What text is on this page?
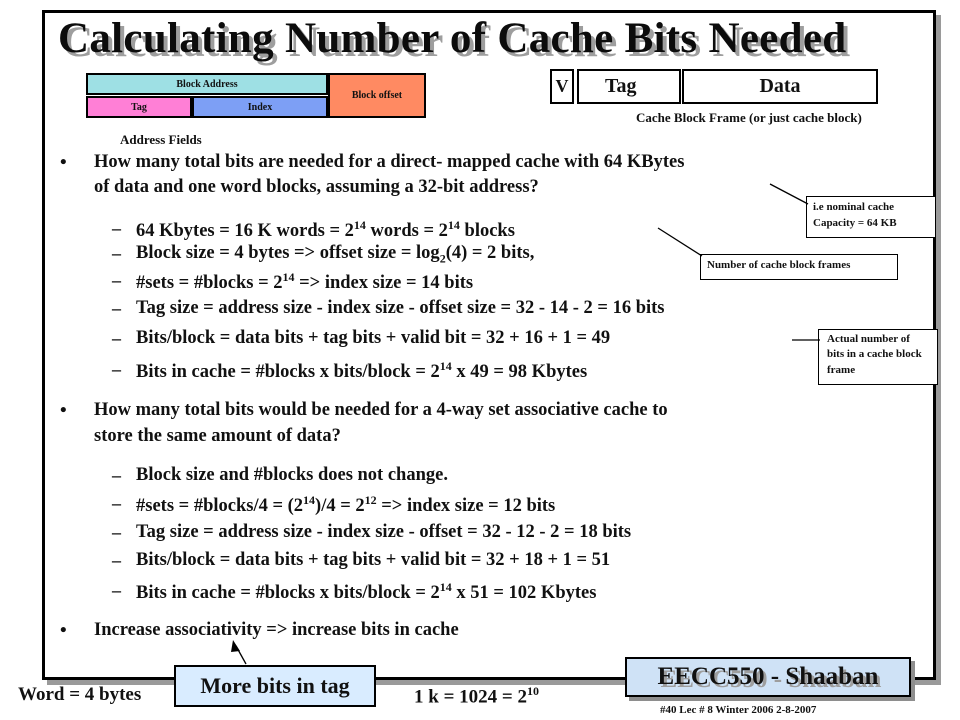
Calculating Number of Cache Bits Needed
Block Address
Tag	Index
Block offset
Address Fields
V	Tag	Data
Cache Block Frame (or just cache block)
• How many total bits are needed for a direct- mapped cache with 64 KBytes
of data and one word blocks, assuming a 32-bit address?
– 64 Kbytes = 16 K words = $2^{14}$ words = $2^{14}$ blocks
– Block size = 4 bytes => offset size = $\log_2(4) = 2$ bits,
– #sets = #blocks = $2^{14}$ => index size = 14 bits
– Tag size = address size - index size - offset size = 32 - 14 - 2 = 16 bits
– Bits/block = data bits + tag bits + valid bit = 32 + 16 + 1 = 49
– Bits in cache = #blocks x bits/block = $2^{14}$ x 49 = 98 Kbytes
• How many total bits would be needed for a 4-way set associative cache to
store the same amount of data?
– Block size and #blocks does not change.
– #sets = #blocks/4 = $(2^{14})/4 = 2^{12}$ => index size = 12 bits
– Tag size = address size - index size - offset = 32 - 12 - 2 = 18 bits
– Bits/block = data bits + tag bits + valid bit = 32 + 18 + 1 = 51
– Bits in cache = #blocks x bits/block = $2^{14}$ x 51 = 102 Kbytes
• Increase associativity => increase bits in cache
i.e nominal cache
Capacity = 64 KB
Number of cache block frames
Actual number of
bits in a cache block
frame
More bits in tag
Word = 4 bytes	1 $k = 1024 = 2^{10}$
EECC550 - Shaaban
#40 Lec # 8 Winter 2006 2-8-2007
